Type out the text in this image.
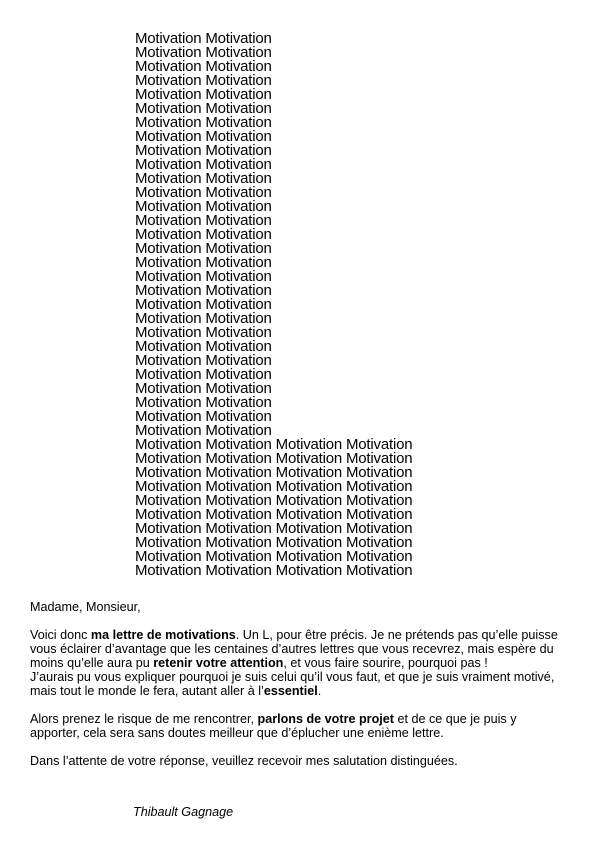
Motivation Motivation
Motivation Motivation
Motivation Motivation
Motivation Motivation
Motivation Motivation
Motivation Motivation
Motivation Motivation
Motivation Motivation
Motivation Motivation
Motivation Motivation
Motivation Motivation
Motivation Motivation
Motivation Motivation
Motivation Motivation
Motivation Motivation
Motivation Motivation
Motivation Motivation
Motivation Motivation
Motivation Motivation
Motivation Motivation
Motivation Motivation
Motivation Motivation
Motivation Motivation
Motivation Motivation
Motivation Motivation
Motivation Motivation
Motivation Motivation
Motivation Motivation
Motivation Motivation
Motivation Motivation Motivation Motivation
Motivation Motivation Motivation Motivation
Motivation Motivation Motivation Motivation
Motivation Motivation Motivation Motivation
Motivation Motivation Motivation Motivation
Motivation Motivation Motivation Motivation
Motivation Motivation Motivation Motivation
Motivation Motivation Motivation Motivation
Motivation Motivation Motivation Motivation
Motivation Motivation Motivation Motivation

Madame, Monsieur,

Voici donc ma lettre de motivations. Un L, pour être précis. Je ne prétends pas qu’elle puisse vous éclairer d’avantage que les centaines d’autres lettres que vous recevrez, mais espère du moins qu’elle aura pu retenir votre attention, et vous faire sourire, pourquoi pas !

J’aurais pu vous expliquer pourquoi je suis celui qu’il vous faut, et que je suis vraiment motivé, mais tout le monde le fera, autant aller à l’essentiel.

Alors prenez le risque de me rencontrer, parlons de votre projet et de ce que je puis y apporter, cela sera sans doutes meilleur que d’éplucher une enième lettre.

Dans l’attente de votre réponse, veuillez recevoir mes salutation distinguées.

Thibault Gagnage
